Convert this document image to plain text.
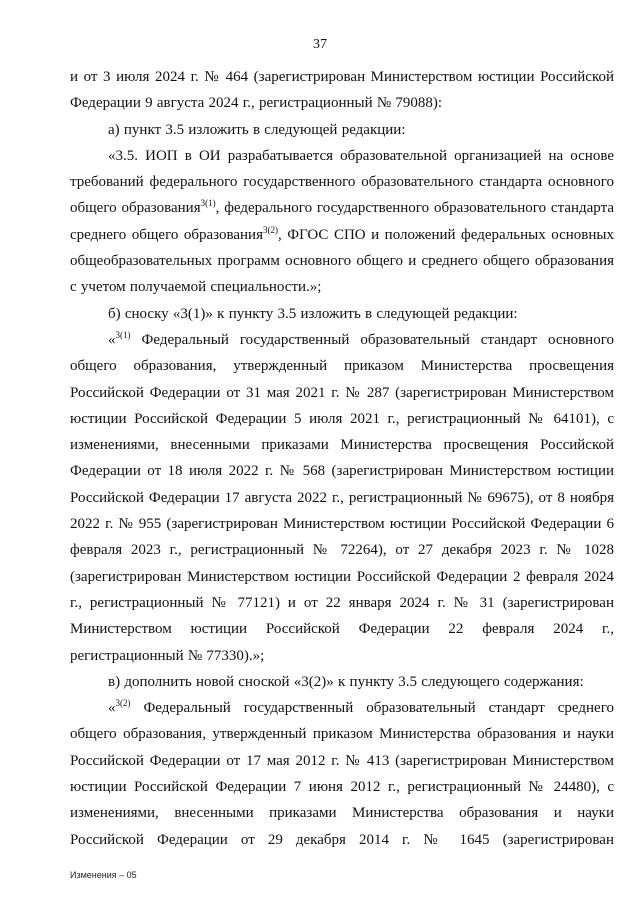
37

и от 3 июля 2024 г. № 464 (зарегистрирован Министерством юстиции Российской Федерации 9 августа 2024 г., регистрационный № 79088):

а) пункт 3.5 изложить в следующей редакции:

«3.5. ИОП в ОИ разрабатывается образовательной организацией на основе требований федерального государственного образовательного стандарта основного общего образования$^{3(1)}$, федерального государственного образовательного стандарта среднего общего образования$^{3(2)}$, ФГОС СПО и положений федеральных основных общеобразовательных программ основного общего и среднего общего образования с учетом получаемой специальности.»;

б) сноску «3(1)» к пункту 3.5 изложить в следующей редакции:

«$^{3(1)}$ Федеральный государственный образовательный стандарт основного общего образования, утвержденный приказом Министерства просвещения Российской Федерации от 31 мая 2021 г. № 287 (зарегистрирован Министерством юстиции Российской Федерации 5 июля 2021 г., регистрационный № 64101), с изменениями, внесенными приказами Министерства просвещения Российской Федерации от 18 июля 2022 г. № 568 (зарегистрирован Министерством юстиции Российской Федерации 17 августа 2022 г., регистрационный № 69675), от 8 ноября 2022 г. № 955 (зарегистрирован Министерством юстиции Российской Федерации 6 февраля 2023 г., регистрационный № 72264), от 27 декабря 2023 г. № 1028 (зарегистрирован Министерством юстиции Российской Федерации 2 февраля 2024 г., регистрационный № 77121) и от 22 января 2024 г. № 31 (зарегистрирован Министерством юстиции Российской Федерации 22 февраля 2024 г., регистрационный № 77330).»;

в) дополнить новой сноской «3(2)» к пункту 3.5 следующего содержания:

«$^{3(2)}$ Федеральный государственный образовательный стандарт среднего общего образования, утвержденный приказом Министерства образования и науки Российской Федерации от 17 мая 2012 г. № 413 (зарегистрирован Министерством юстиции Российской Федерации 7 июня 2012 г., регистрационный № 24480), с изменениями, внесенными приказами Министерства образования и науки Российской Федерации от 29 декабря 2014 г. № 1645 (зарегистрирован

Изменения – 05
